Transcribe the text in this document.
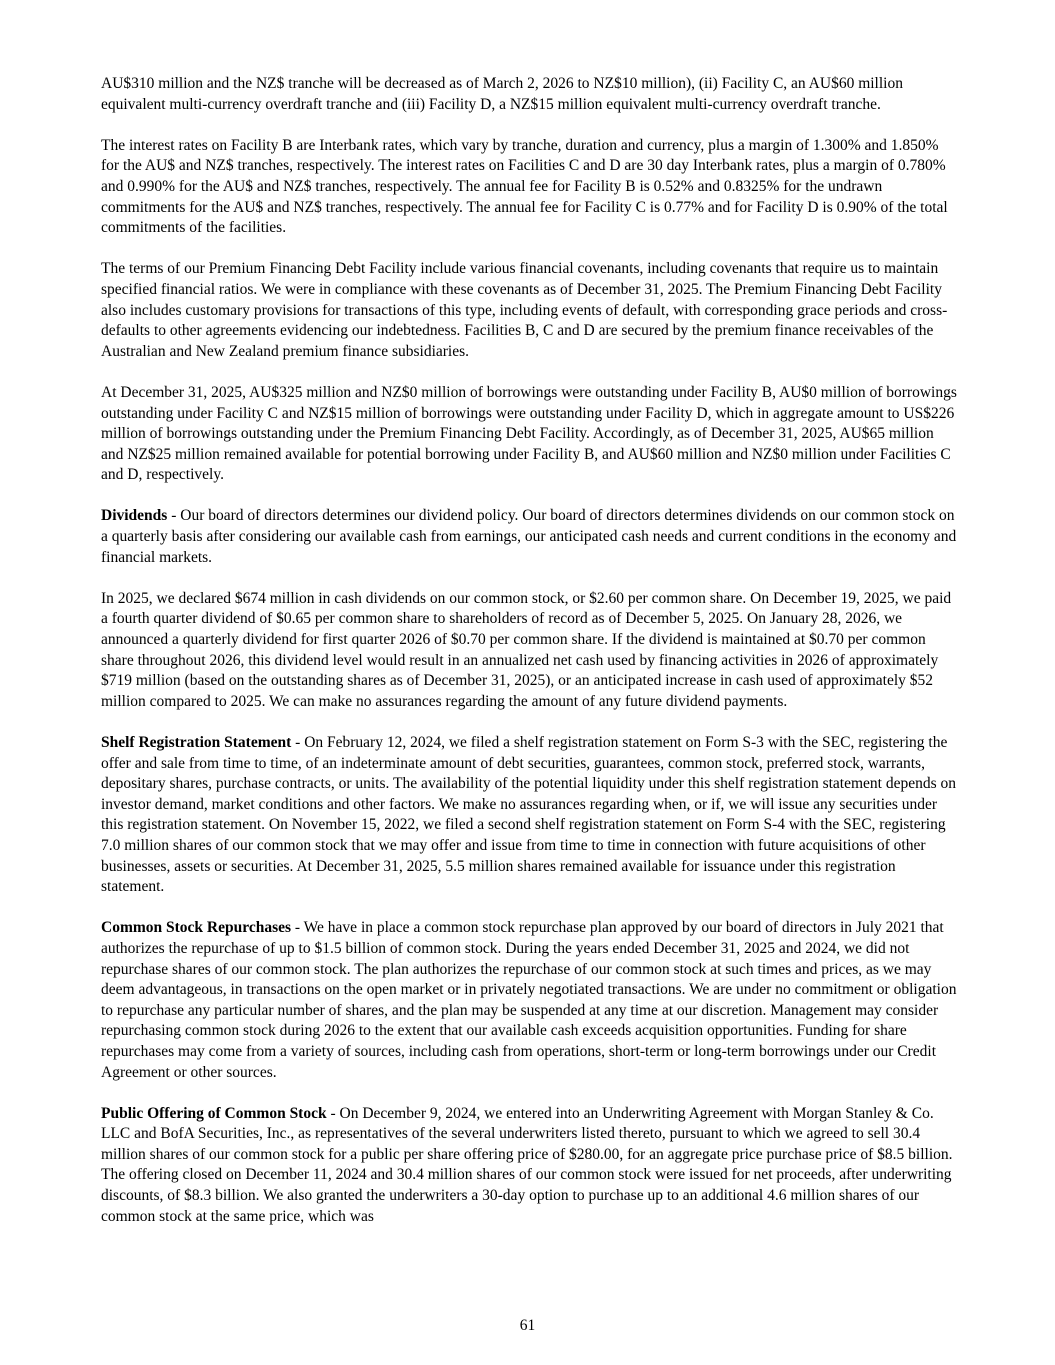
AU$310 million and the NZ$ tranche will be decreased as of March 2, 2026 to NZ$10 million), (ii) Facility C, an AU$60 million equivalent multi-currency overdraft tranche and (iii) Facility D, a NZ$15 million equivalent multi-currency overdraft tranche.

The interest rates on Facility B are Interbank rates, which vary by tranche, duration and currency, plus a margin of 1.300% and 1.850% for the AU$ and NZ$ tranches, respectively. The interest rates on Facilities C and D are 30 day Interbank rates, plus a margin of 0.780% and 0.990% for the AU$ and NZ$ tranches, respectively. The annual fee for Facility B is 0.52% and 0.8325% for the undrawn commitments for the AU$ and NZ$ tranches, respectively. The annual fee for Facility C is 0.77% and for Facility D is 0.90% of the total commitments of the facilities.

The terms of our Premium Financing Debt Facility include various financial covenants, including covenants that require us to maintain specified financial ratios. We were in compliance with these covenants as of December 31, 2025. The Premium Financing Debt Facility also includes customary provisions for transactions of this type, including events of default, with corresponding grace periods and cross-defaults to other agreements evidencing our indebtedness. Facilities B, C and D are secured by the premium finance receivables of the Australian and New Zealand premium finance subsidiaries.

At December 31, 2025, AU$325 million and NZ$0 million of borrowings were outstanding under Facility B, AU$0 million of borrowings outstanding under Facility C and NZ$15 million of borrowings were outstanding under Facility D, which in aggregate amount to US$226 million of borrowings outstanding under the Premium Financing Debt Facility. Accordingly, as of December 31, 2025, AU$65 million and NZ$25 million remained available for potential borrowing under Facility B, and AU$60 million and NZ$0 million under Facilities C and D, respectively.

Dividends - Our board of directors determines our dividend policy. Our board of directors determines dividends on our common stock on a quarterly basis after considering our available cash from earnings, our anticipated cash needs and current conditions in the economy and financial markets.

In 2025, we declared $674 million in cash dividends on our common stock, or $2.60 per common share. On December 19, 2025, we paid a fourth quarter dividend of $0.65 per common share to shareholders of record as of December 5, 2025. On January 28, 2026, we announced a quarterly dividend for first quarter 2026 of $0.70 per common share. If the dividend is maintained at $0.70 per common share throughout 2026, this dividend level would result in an annualized net cash used by financing activities in 2026 of approximately $719 million (based on the outstanding shares as of December 31, 2025), or an anticipated increase in cash used of approximately $52 million compared to 2025. We can make no assurances regarding the amount of any future dividend payments.

Shelf Registration Statement - On February 12, 2024, we filed a shelf registration statement on Form S-3 with the SEC, registering the offer and sale from time to time, of an indeterminate amount of debt securities, guarantees, common stock, preferred stock, warrants, depositary shares, purchase contracts, or units. The availability of the potential liquidity under this shelf registration statement depends on investor demand, market conditions and other factors. We make no assurances regarding when, or if, we will issue any securities under this registration statement. On November 15, 2022, we filed a second shelf registration statement on Form S-4 with the SEC, registering 7.0 million shares of our common stock that we may offer and issue from time to time in connection with future acquisitions of other businesses, assets or securities. At December 31, 2025, 5.5 million shares remained available for issuance under this registration statement.

Common Stock Repurchases - We have in place a common stock repurchase plan approved by our board of directors in July 2021 that authorizes the repurchase of up to $1.5 billion of common stock. During the years ended December 31, 2025 and 2024, we did not repurchase shares of our common stock. The plan authorizes the repurchase of our common stock at such times and prices, as we may deem advantageous, in transactions on the open market or in privately negotiated transactions. We are under no commitment or obligation to repurchase any particular number of shares, and the plan may be suspended at any time at our discretion. Management may consider repurchasing common stock during 2026 to the extent that our available cash exceeds acquisition opportunities. Funding for share repurchases may come from a variety of sources, including cash from operations, short-term or long-term borrowings under our Credit Agreement or other sources.

Public Offering of Common Stock - On December 9, 2024, we entered into an Underwriting Agreement with Morgan Stanley & Co. LLC and BofA Securities, Inc., as representatives of the several underwriters listed thereto, pursuant to which we agreed to sell 30.4 million shares of our common stock for a public per share offering price of $280.00, for an aggregate price purchase price of $8.5 billion. The offering closed on December 11, 2024 and 30.4 million shares of our common stock were issued for net proceeds, after underwriting discounts, of $8.3 billion. We also granted the underwriters a 30-day option to purchase up to an additional 4.6 million shares of our common stock at the same price, which was

61
